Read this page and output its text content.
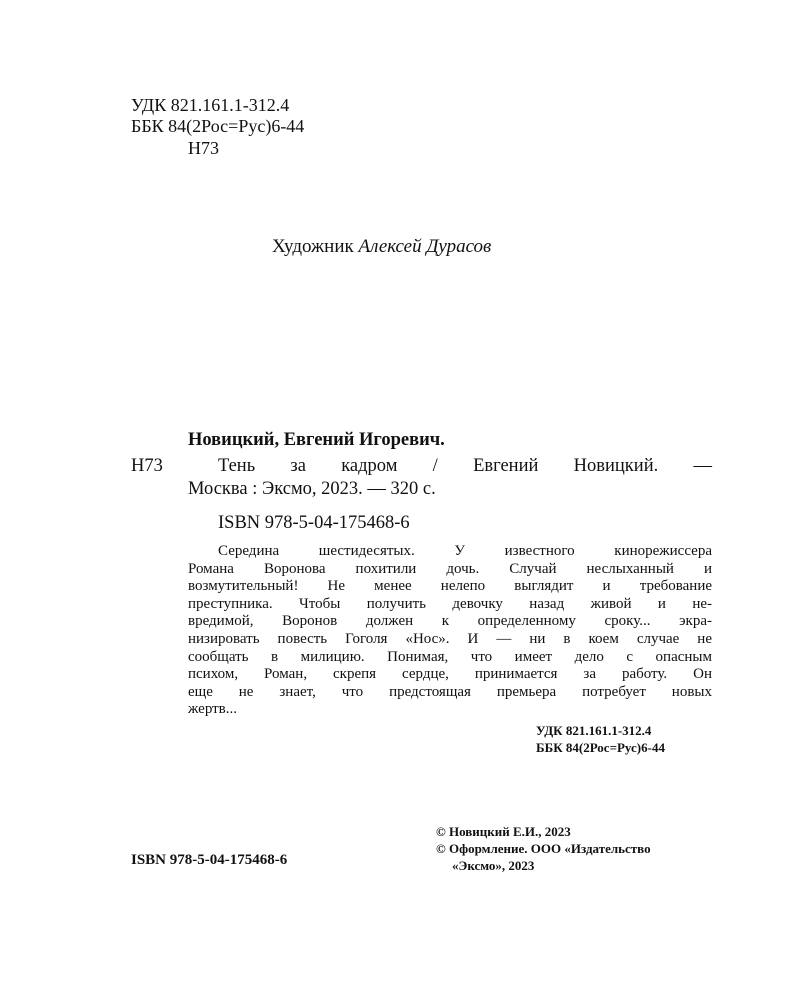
УДК 821.161.1-312.4
ББК 84(2Рос=Рус)6-44
Н73
Художник Алексей Дурасов
Новицкий, Евгений Игоревич.
Н73	Тень за кадром / Евгений Новицкий. —
Москва : Эксмо, 2023. — 320 с.
ISBN 978-5-04-175468-6
Середина шестидесятых. У известного кинорежиссера
Романа Воронова похитили дочь. Случай неслыханный и
возмутительный! Не менее нелепо выглядит и требование
преступника. Чтобы получить девочку назад живой и не-
вредимой, Воронов должен к определенному сроку... экра-
низировать повесть Гоголя «Нос». И — ни в коем случае не
сообщать в милицию. Понимая, что имеет дело с опасным
психом, Роман, скрепя сердце, принимается за работу. Он
еще не знает, что предстоящая премьера потребует новых
жертв...
УДК 821.161.1-312.4
ББК 84(2Рос=Рус)6-44
ISBN 978-5-04-175468-6
© Новицкий Е.И., 2023
© Оформление. ООО «Издательство
«Эксмо», 2023
